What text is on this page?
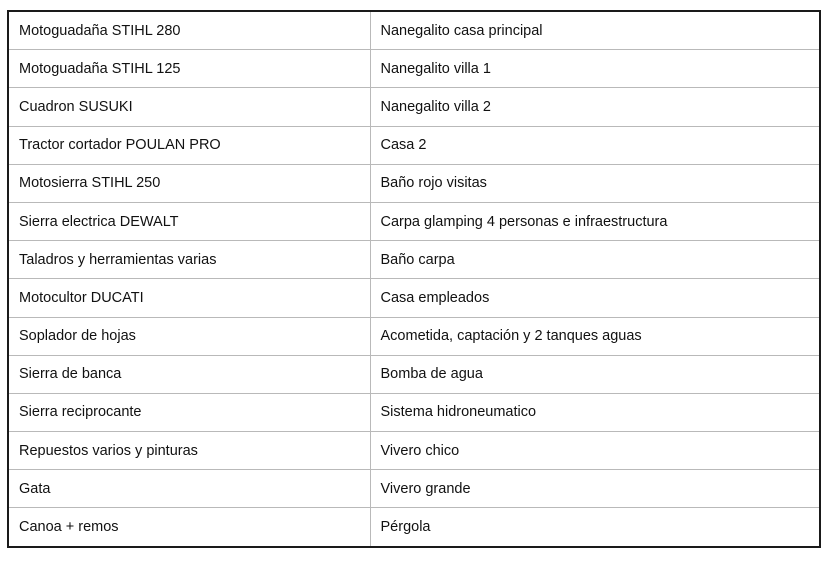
Motoguadaña STIHL 280	Nanegalito casa principal
Motoguadaña STIHL 125	Nanegalito villa 1
Cuadron SUSUKI	Nanegalito villa 2
Tractor cortador POULAN PRO	Casa 2
Motosierra STIHL 250	Baño rojo visitas
Sierra electrica DEWALT	Carpa glamping 4 personas e infraestructura
Taladros y herramientas varias	Baño carpa
Motocultor DUCATI	Casa empleados
Soplador de hojas	Acometida, captación y 2 tanques aguas
Sierra de banca	Bomba de agua
Sierra reciprocante	Sistema hidroneumatico
Repuestos varios y pinturas	Vivero chico
Gata	Vivero grande
Canoa + remos	Pérgola
